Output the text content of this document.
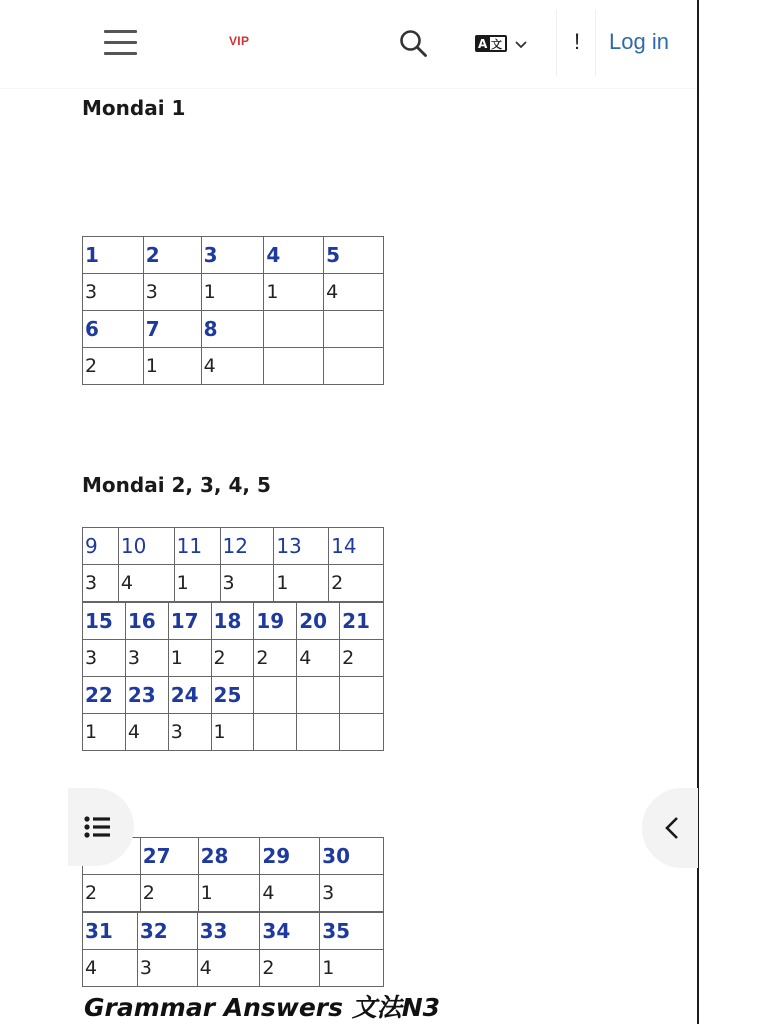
VIP	A 文	! Log in
Mondai 1
1	2	3	4	5
3	3	1	1	4
6	7	8		
2	1	4		
Mondai 2, 3, 4, 5
9	10	11	12	13	14
3	4	1	3	1	2
15	16	17	18	19	20	21
3	3	1	2	2	4	2
22	23	24	25			
1	4	3	1			
	27	28	29	30
2	2	1	4	3
31	32	33	34	35
4	3	4	2	1
Grammar Answers 文法N3
